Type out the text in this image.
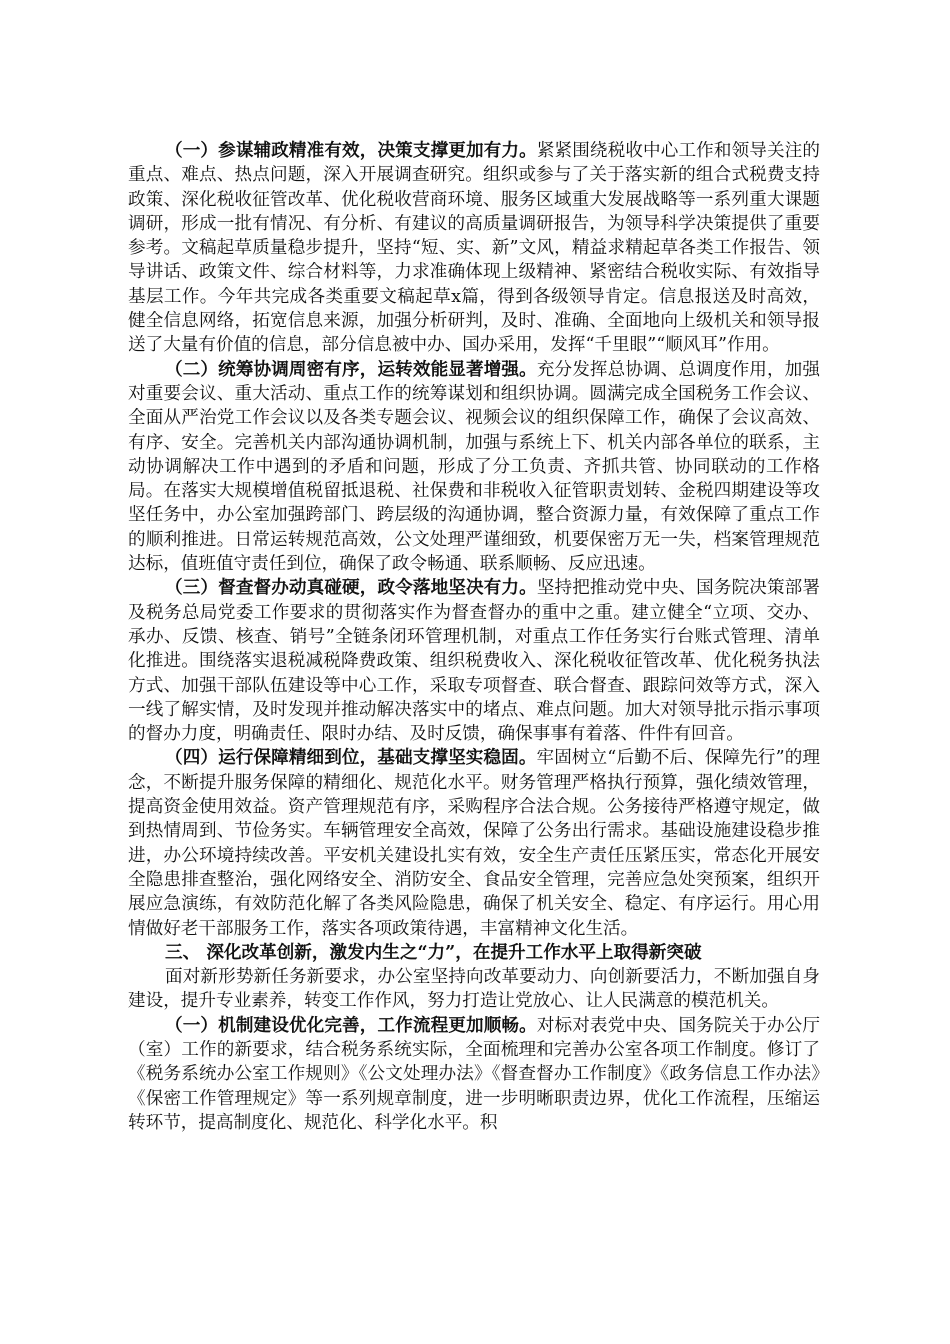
（一）参谋辅政精准有效，决策支撑更加有力。紧紧围绕税收中心工作和领导关注的重点、难点、热点问题，深入开展调查研究。组织或参与了关于落实新的组合式税费支持政策、深化税收征管改革、优化税收营商环境、服务区域重大发展战略等一系列重大课题调研，形成一批有情况、有分析、有建议的高质量调研报告，为领导科学决策提供了重要参考。文稿起草质量稳步提升，坚持“短、实、新”文风，精益求精起草各类工作报告、领导讲话、政策文件、综合材料等，力求准确体现上级精神、紧密结合税收实际、有效指导基层工作。今年共完成各类重要文稿起草x篇，得到各级领导肯定。信息报送及时高效，健全信息网络，拓宽信息来源，加强分析研判，及时、准确、全面地向上级机关和领导报送了大量有价值的信息，部分信息被中办、国办采用，发挥“千里眼”“顺风耳”作用。

（二）统筹协调周密有序，运转效能显著增强。充分发挥总协调、总调度作用，加强对重要会议、重大活动、重点工作的统筹谋划和组织协调。圆满完成全国税务工作会议、全面从严治党工作会议以及各类专题会议、视频会议的组织保障工作，确保了会议高效、有序、安全。完善机关内部沟通协调机制，加强与系统上下、机关内部各单位的联系，主动协调解决工作中遇到的矛盾和问题，形成了分工负责、齐抓共管、协同联动的工作格局。在落实大规模增值税留抵退税、社保费和非税收入征管职责划转、金税四期建设等攻坚任务中，办公室加强跨部门、跨层级的沟通协调，整合资源力量，有效保障了重点工作的顺利推进。日常运转规范高效，公文处理严谨细致，机要保密万无一失，档案管理规范达标，值班值守责任到位，确保了政令畅通、联系顺畅、反应迅速。

（三）督查督办动真碰硬，政令落地坚决有力。坚持把推动党中央、国务院决策部署及税务总局党委工作要求的贯彻落实作为督查督办的重中之重。建立健全“立项、交办、承办、反馈、核查、销号”全链条闭环管理机制，对重点工作任务实行台账式管理、清单化推进。围绕落实退税减税降费政策、组织税费收入、深化税收征管改革、优化税务执法方式、加强干部队伍建设等中心工作，采取专项督查、联合督查、跟踪问效等方式，深入一线了解实情，及时发现并推动解决落实中的堵点、难点问题。加大对领导批示指示事项的督办力度，明确责任、限时办结、及时反馈，确保事事有着落、件件有回音。

（四）运行保障精细到位，基础支撑坚实稳固。牢固树立“后勤不后、保障先行”的理念，不断提升服务保障的精细化、规范化水平。财务管理严格执行预算，强化绩效管理，提高资金使用效益。资产管理规范有序，采购程序合法合规。公务接待严格遵守规定，做到热情周到、节俭务实。车辆管理安全高效，保障了公务出行需求。基础设施建设稳步推进，办公环境持续改善。平安机关建设扎实有效，安全生产责任压紧压实，常态化开展安全隐患排查整治，强化网络安全、消防安全、食品安全管理，完善应急处突预案，组织开展应急演练，有效防范化解了各类风险隐患，确保了机关安全、稳定、有序运行。用心用情做好老干部服务工作，落实各项政策待遇，丰富精神文化生活。

三、 深化改革创新，激发内生之“力”，在提升工作水平上取得新突破

面对新形势新任务新要求，办公室坚持向改革要动力、向创新要活力，不断加强自身建设，提升专业素养，转变工作作风，努力打造让党放心、让人民满意的模范机关。

（一）机制建设优化完善，工作流程更加顺畅。对标对表党中央、国务院关于办公厅（室）工作的新要求，结合税务系统实际，全面梳理和完善办公室各项工作制度。修订了《税务系统办公室工作规则》《公文处理办法》《督查督办工作制度》《政务信息工作办法》《保密工作管理规定》等一系列规章制度，进一步明晰职责边界，优化工作流程，压缩运转环节，提高制度化、规范化、科学化水平。积
